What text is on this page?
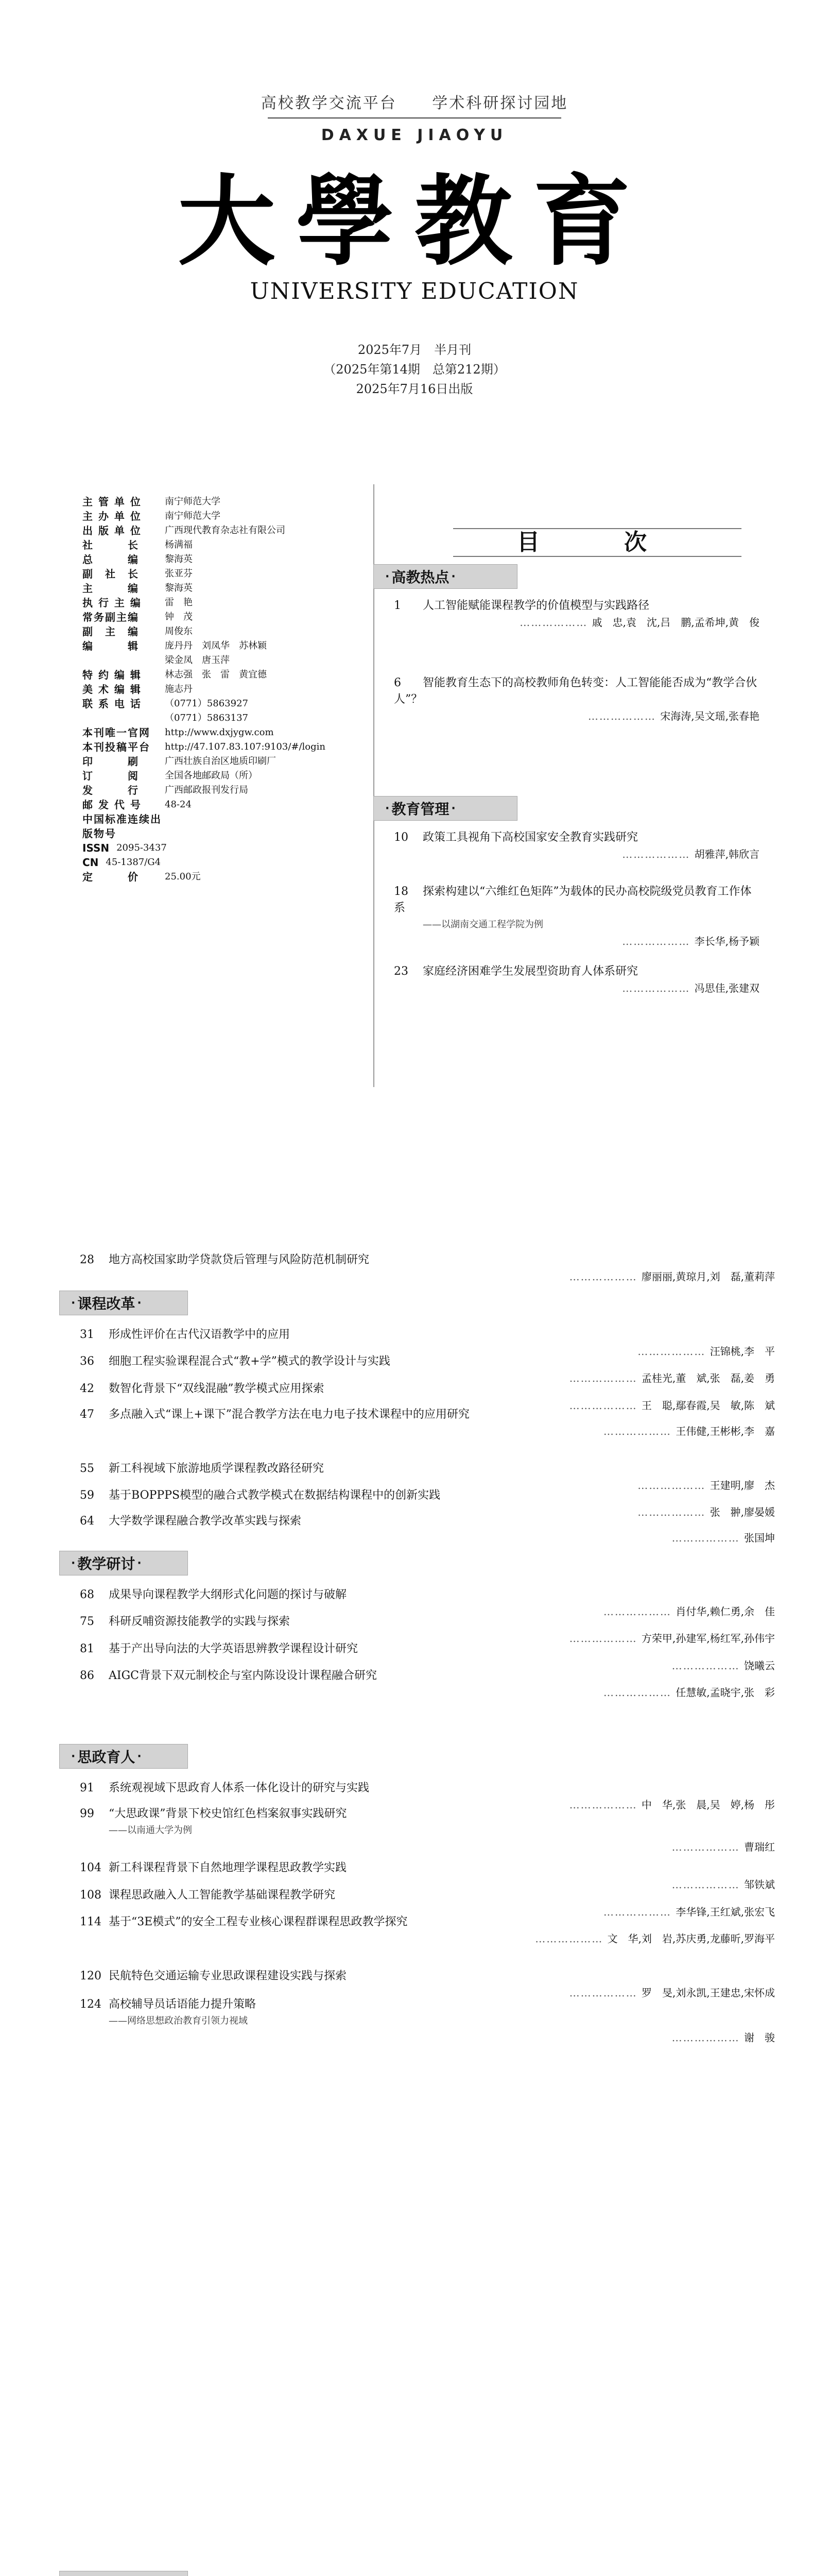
高校教学交流平台 学术科研探讨园地
DAXUE JIAOYU
大學教育
UNIVERSITY EDUCATION
2025年7月　半月刊
（2025年第14期　总第212期）
2025年7月16日出版
主 管 单 位	南宁师范大学
主 办 单 位	南宁师范大学
出 版 单 位	广西现代教育杂志社有限公司
社　　　长	杨满福
总　　　编	黎海英
副　社　长	张亚芬
主　　　编	黎海英
执 行 主 编	雷　艳
常务副主编	钟　茂
副　主　编	周俊东
编　　　辑	庞丹丹　刘凤华　苏林颖
梁金凤　唐玉萍
特 约 编 辑	林志强　张　雷　黄宜德
美 术 编 辑	施志丹
联 系 电 话	（0771）5863927
（0771）5863137
本刊唯一官网	http://www.dxjygw.com
本刊投稿平台	http://47.107.83.107:9103/#/login
印　　　刷	广西壮族自治区地质印刷厂
订　　　阅	全国各地邮政局（所）
发　　　行	广西邮政报刊发行局
邮 发 代 号	48-24
中国标准连续出版物号
ISSN 2095-3437
CN 45-1387/G4
定　　　价	25.00元
目　次
· 高教热点 ·
1 人工智能赋能课程教学的价值模型与实践路径
……………… 戚　忠,袁　沈,吕　鹏,孟希坤,黄　俊
6 智能教育生态下的高校教师角色转变：人工智能能否成为“教学合伙人”？
……………… 宋海涛,吴文瑶,张春艳
· 教育管理 ·
10 政策工具视角下高校国家安全教育实践研究
……………… 胡雅萍,韩欣言
18 探索构建以“六维红色矩阵”为载体的民办高校院级党员教育工作体系
——以湖南交通工程学院为例
……………… 李长华,杨予颖
23 家庭经济困难学生发展型资助育人体系研究
……………… 冯思佳,张建双
28 地方高校国家助学贷款贷后管理与风险防范机制研究
……………… 廖丽丽,黄琼月,刘　磊,董莉萍
· 课程改革 ·
31 形成性评价在古代汉语教学中的应用
……………… 汪锦桃,李　平
36 细胞工程实验课程混合式“教+学”模式的教学设计与实践
……………… 孟桂光,董　斌,张　磊,姜　勇
42 数智化背景下“双线混融”教学模式应用探索
……………… 王　聪,鄢春霞,吴　敏,陈　斌
47 多点融入式“课上+课下”混合教学方法在电力电子技术课程中的应用研究
……………… 王伟健,王彬彬,李　嘉
55 新工科视域下旅游地质学课程教改路径研究
……………… 王建明,廖　杰
59 基于BOPPPS模型的融合式教学模式在数据结构课程中的创新实践
……………… 张　翀,廖晏媛
64 大学数学课程融合教学改革实践与探索
……………… 张国坤
· 教学研讨 ·
68 成果导向课程教学大纲形式化问题的探讨与破解
……………… 肖付华,赖仁勇,余　佳
75 科研反哺资源技能教学的实践与探索
……………… 方荣甲,孙建军,杨红军,孙伟宇
81 基于产出导向法的大学英语思辨教学课程设计研究
……………… 饶曦云
86 AIGC背景下双元制校企与室内陈设设计课程融合研究
……………… 任慧敏,孟晓宇,张　彩
· 思政育人 ·
91 系统观视域下思政育人体系一体化设计的研究与实践
……………… 中　华,张　晨,吴　婷,杨　彤
99 “大思政课”背景下校史馆红色档案叙事实践研究
——以南通大学为例
……………… 曹瑞红
104 新工科课程背景下自然地理学课程思政教学实践
……………… 邹铁斌
108 课程思政融入人工智能教学基础课程教学研究
……………… 李华锋,王红斌,张宏飞
114 基于“3E模式”的安全工程专业核心课程群课程思政教学探究
……………… 文　华,刘　岩,苏庆勇,龙藤昕,罗海平
120 民航特色交通运输专业思政课程建设实践与探索
……………… 罗　旻,刘永凯,王建忠,宋怀成
124 高校辅导员话语能力提升策略
——网络思想政治教育引领力视域
……………… 谢　骏
